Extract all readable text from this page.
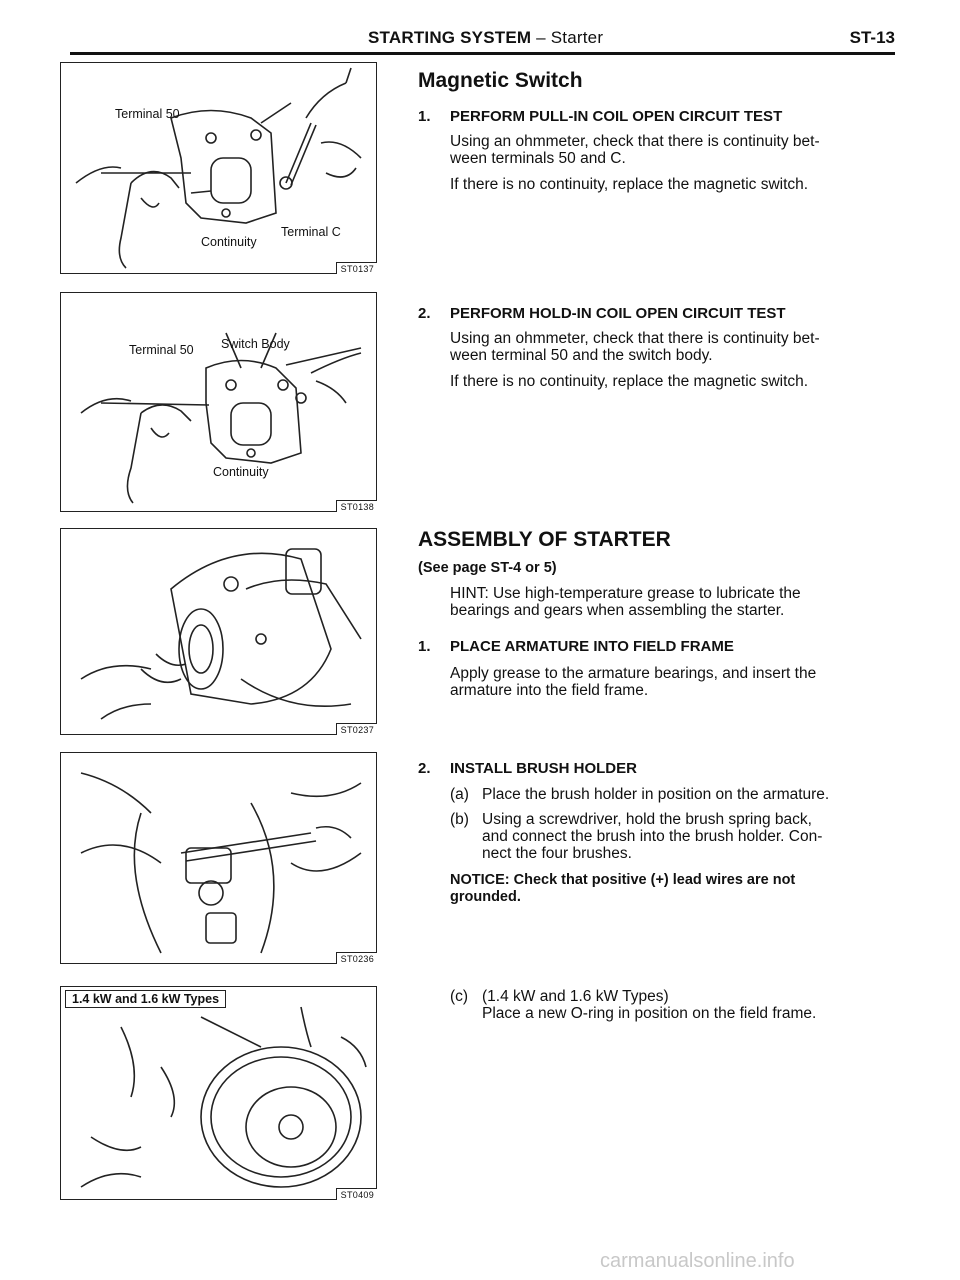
STARTING SYSTEM – Starter	ST-13
Terminal 50
Continuity
Terminal C
ST0137
Terminal 50 Switch Body
Continuity
ST0138
ST0237
ST0236
1.4 kW and 1.6 kW Types
ST0409
Magnetic Switch
1. PERFORM PULL-IN COIL OPEN CIRCUIT TEST
Using an ohmmeter, check that there is continuity bet-
ween terminals 50 and C.
If there is no continuity, replace the magnetic switch.
2. PERFORM HOLD-IN COIL OPEN CIRCUIT TEST
Using an ohmmeter, check that there is continuity bet-
ween terminal 50 and the switch body.
If there is no continuity, replace the magnetic switch.
ASSEMBLY OF STARTER
(See page ST-4 or 5)
HINT: Use high-temperature grease to lubricate the
bearings and gears when assembling the starter.
1. PLACE ARMATURE INTO FIELD FRAME
Apply grease to the armature bearings, and insert the
armature into the field frame.
2. INSTALL BRUSH HOLDER
(a) Place the brush holder in position on the armature.
(b) Using a screwdriver, hold the brush spring back,
and connect the brush into the brush holder. Con-
nect the four brushes.
NOTICE: Check that positive (+) lead wires are not
grounded.
(c) (1.4 kW and 1.6 kW Types)
Place a new O-ring in position on the field frame.
carmanualsonline.info
